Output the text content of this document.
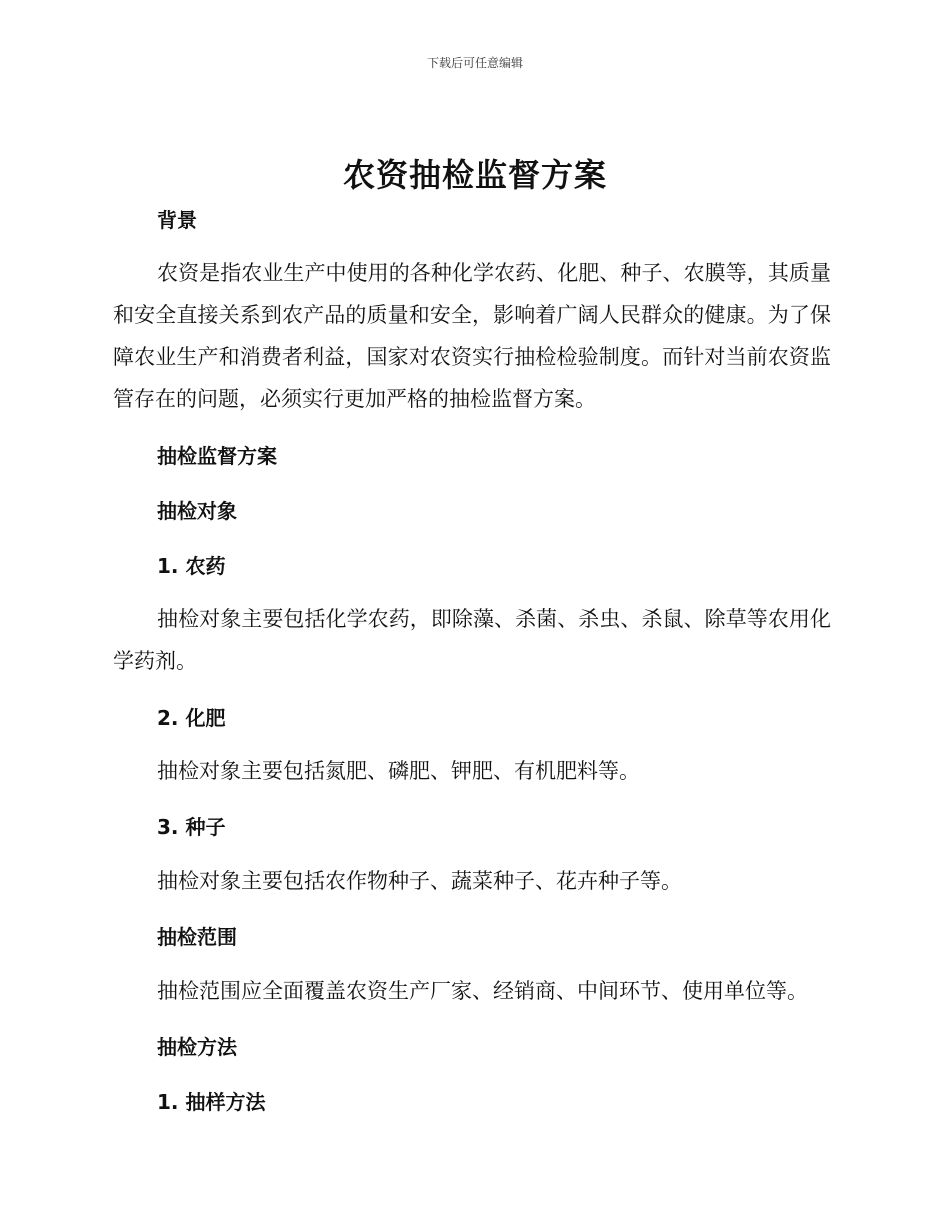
下载后可任意编辑
农资抽检监督方案
背景

农资是指农业生产中使用的各种化学农药、化肥、种子、农膜等，其质量和安全直接关系到农产品的质量和安全，影响着广阔人民群众的健康。为了保障农业生产和消费者利益，国家对农资实行抽检检验制度。而针对当前农资监管存在的问题，必须实行更加严格的抽检监督方案。

抽检监督方案
抽检对象
1. 农药

抽检对象主要包括化学农药，即除藻、杀菌、杀虫、杀鼠、除草等农用化学药剂。

2. 化肥

抽检对象主要包括氮肥、磷肥、钾肥、有机肥料等。

3. 种子

抽检对象主要包括农作物种子、蔬菜种子、花卉种子等。

抽检范围

抽检范围应全面覆盖农资生产厂家、经销商、中间环节、使用单位等。

抽检方法
1. 抽样方法
